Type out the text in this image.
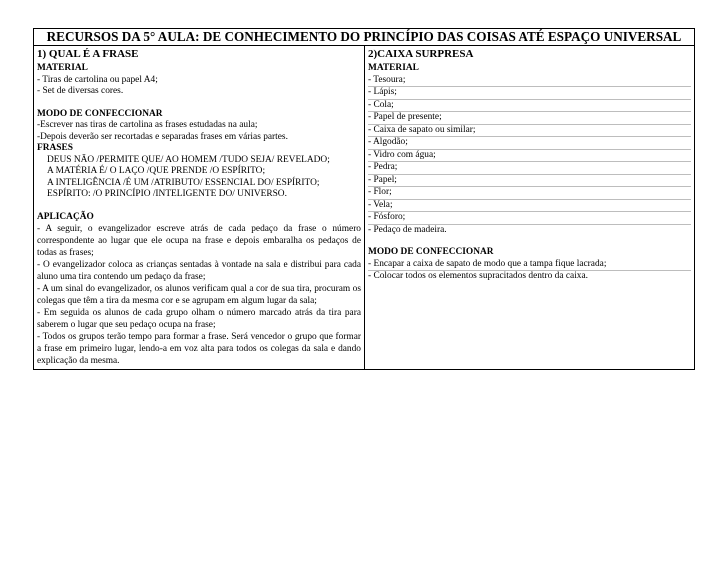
RECURSOS DA 5° AULA: DE CONHECIMENTO DO PRINCÍPIO DAS COISAS ATÉ ESPAÇO UNIVERSAL
1) QUAL É A FRASE
MATERIAL
- Tiras de cartolina ou papel A4;
- Set de diversas cores.
MODO DE CONFECCIONAR
-Escrever nas tiras de cartolina as frases estudadas na aula;
-Depois deverão ser recortadas e separadas frases em várias partes.
FRASES
DEUS NÃO /PERMITE QUE/ AO HOMEM /TUDO SEJA/ REVELADO;
A MATÉRIA É/ O LAÇO /QUE PRENDE /O ESPÍRITO;
A INTELIGÊNCIA /É UM /ATRIBUTO/ ESSENCIAL DO/ ESPÍRITO;
ESPÍRITO: /O PRINCÍPIO /INTELIGENTE DO/ UNIVERSO.
APLICAÇÃO

- A seguir, o evangelizador escreve atrás de cada pedaço da frase o número correspondente ao lugar que ele ocupa na frase e depois embaralha os pedaços de todas as frases;

- O evangelizador coloca as crianças sentadas à vontade na sala e distribui para cada aluno uma tira contendo um pedaço da frase;

- A um sinal do evangelizador, os alunos verificam qual a cor de sua tira, procuram os colegas que têm a tira da mesma cor e se agrupam em algum lugar da sala;

- Em seguida os alunos de cada grupo olham o número marcado atrás da tira para saberem o lugar que seu pedaço ocupa na frase;

- Todos os grupos terão tempo para formar a frase. Será vencedor o grupo que formar a frase em primeiro lugar, lendo-a em voz alta para todos os colegas da sala e dando explicação da mesma.

2)CAIXA SURPRESA
MATERIAL
- Tesoura;
- Lápis;
- Cola;
- Papel de presente;
- Caixa de sapato ou similar;
- Algodão;
- Vidro com água;
- Pedra;
- Papel;
- Flor;
- Vela;
- Fósforo;
- Pedaço de madeira.
MODO DE CONFECCIONAR
- Encapar a caixa de sapato de modo que a tampa fique lacrada;
- Colocar todos os elementos supracitados dentro da caixa.
